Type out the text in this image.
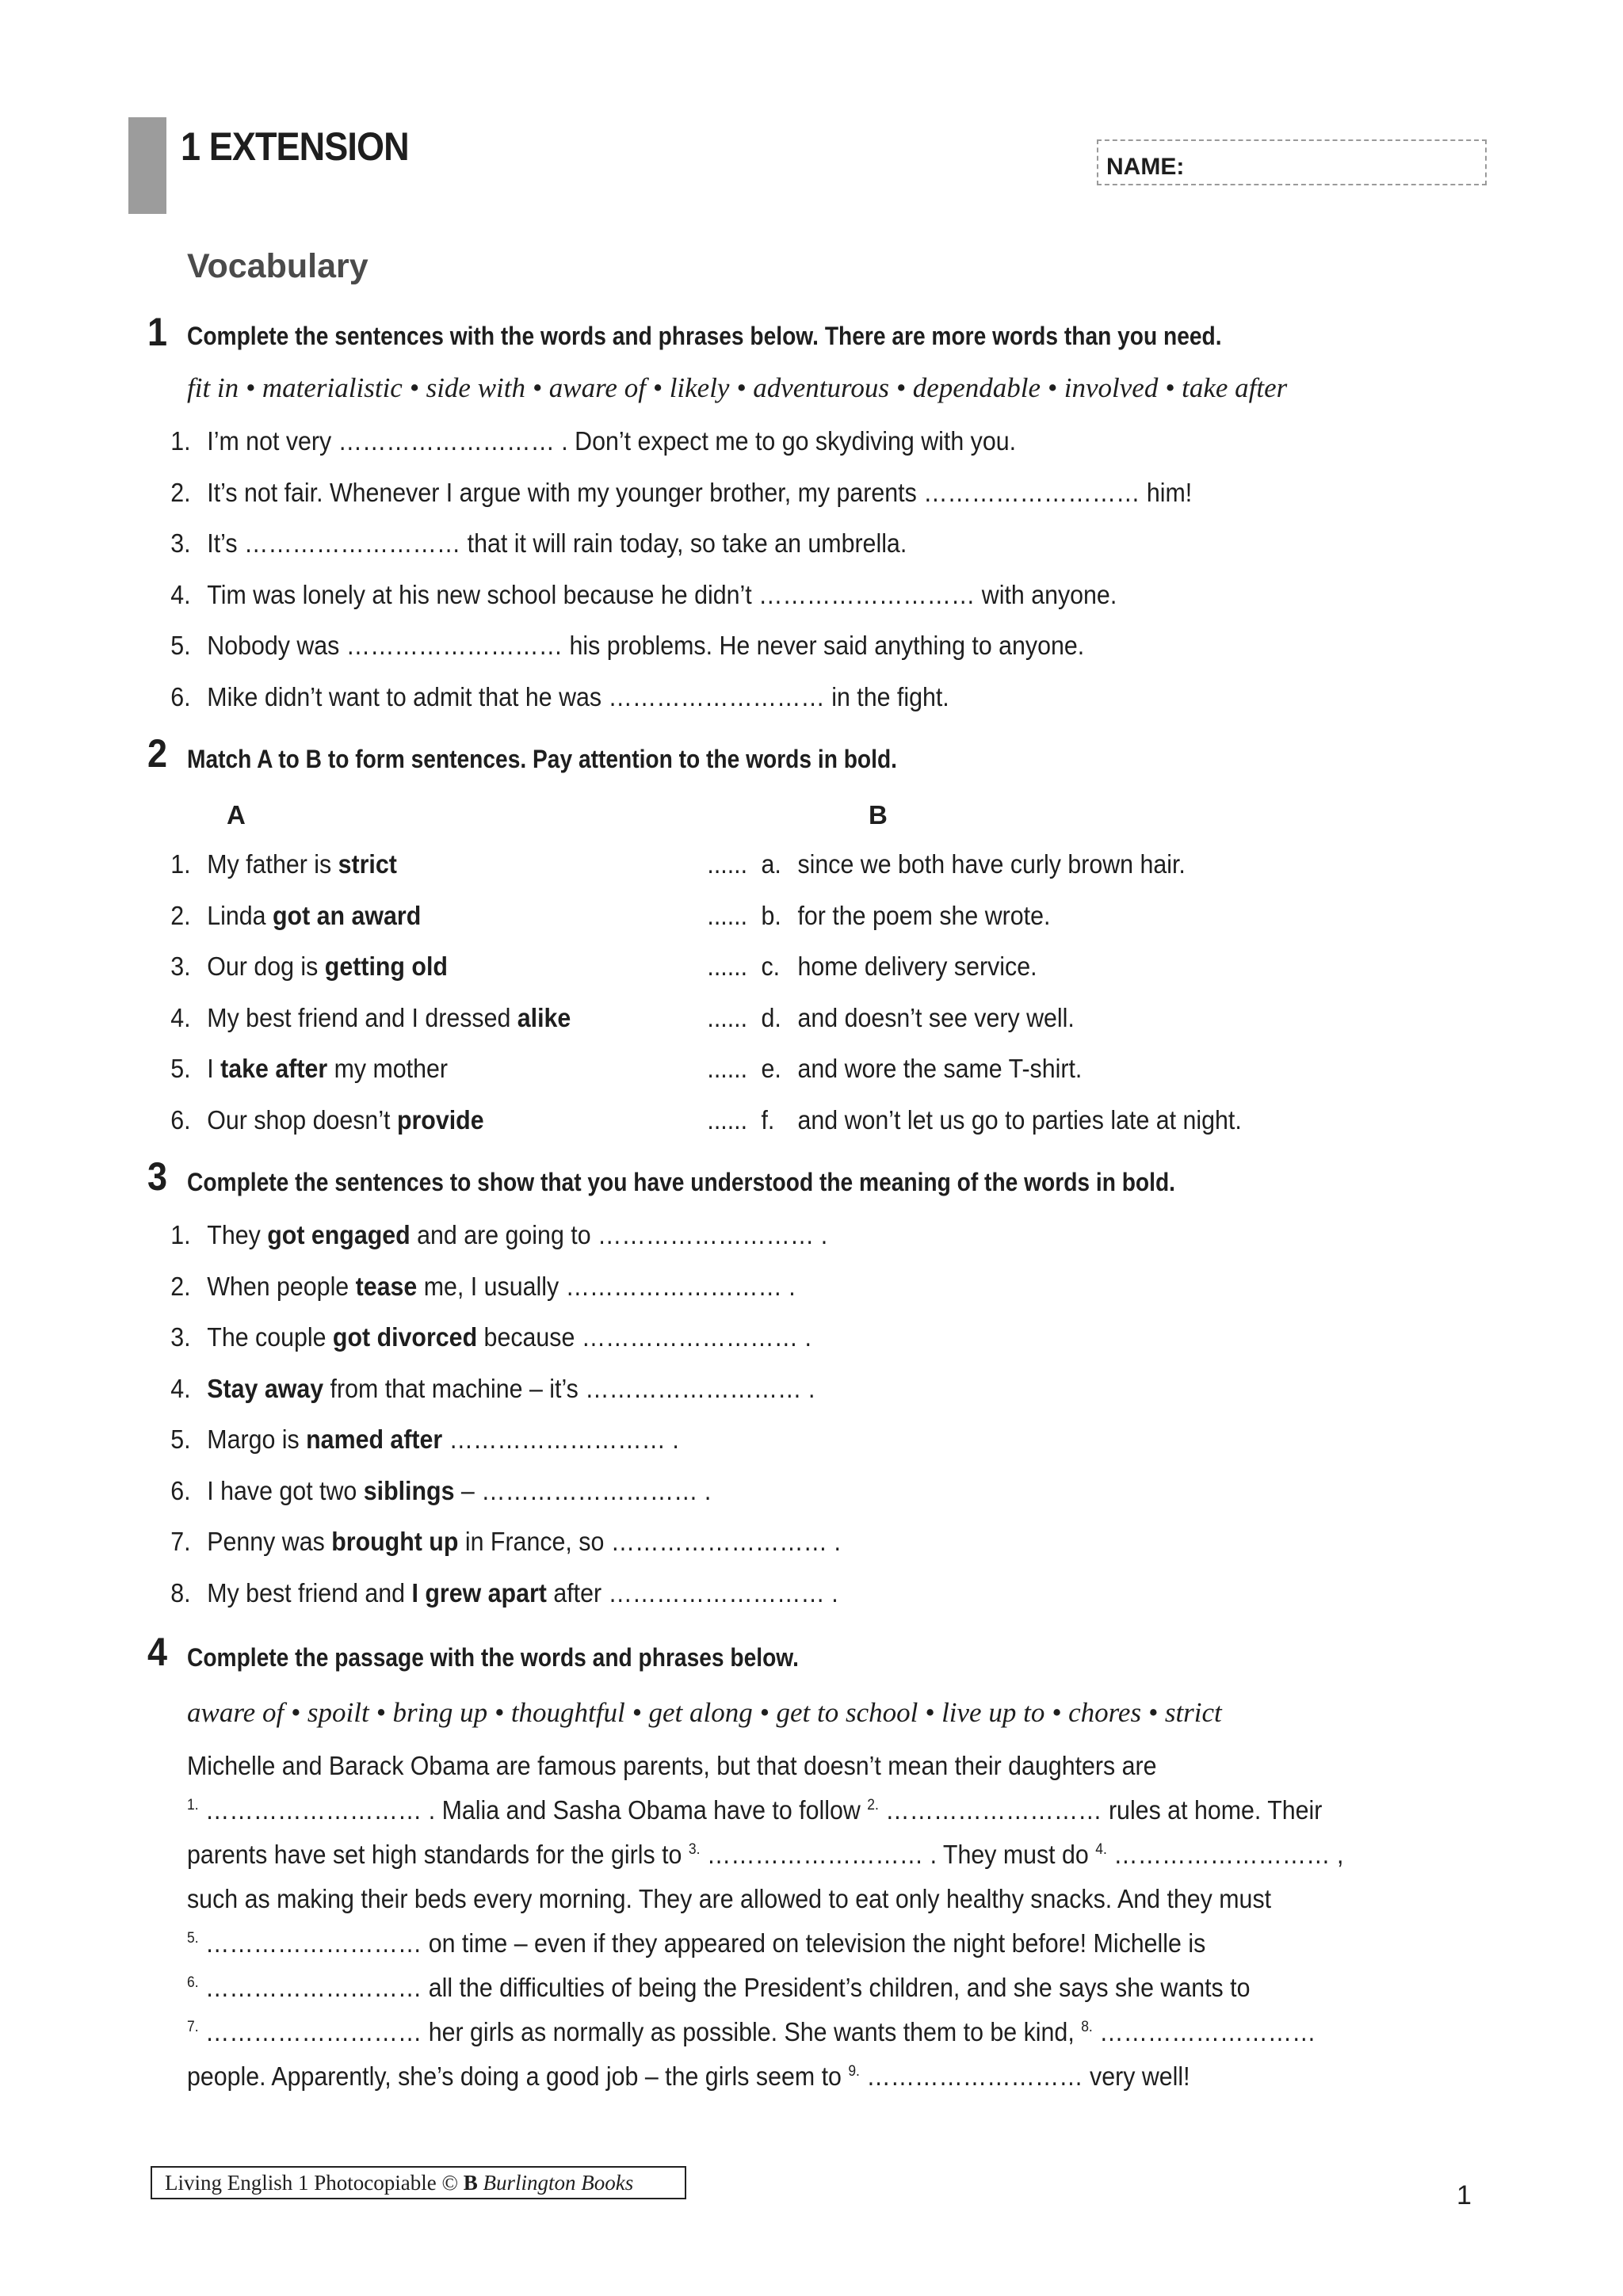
1 EXTENSION	NAME:
Vocabulary
1 Complete the sentences with the words and phrases below. There are more words than you need.
fit in • materialistic • side with • aware of • likely • adventurous • dependable • involved • take after
1. I’m not very ……………………… . Don’t expect me to go skydiving with you.
2. It’s not fair. Whenever I argue with my younger brother, my parents ……………………… him!
3. It’s ……………………… that it will rain today, so take an umbrella.
4. Tim was lonely at his new school because he didn’t ……………………… with anyone.
5. Nobody was ……………………… his problems. He never said anything to anyone.
6. Mike didn’t want to admit that he was ……………………… in the fight.
2 Match A to B to form sentences. Pay attention to the words in bold.
A	B
1. My father is strict	...... a. since we both have curly brown hair.
2. Linda got an award	...... b. for the poem she wrote.
3. Our dog is getting old	...... c. home delivery service.
4. My best friend and I dressed alike	...... d. and doesn’t see very well.
5. I take after my mother	...... e. and wore the same T-shirt.
6. Our shop doesn’t provide	...... f. and won’t let us go to parties late at night.
3 Complete the sentences to show that you have understood the meaning of the words in bold.
1. They got engaged and are going to ……………………… .
2. When people tease me, I usually ……………………… .
3. The couple got divorced because ……………………… .
4. Stay away from that machine – it’s ……………………… .
5. Margo is named after ……………………… .
6. I have got two siblings – ……………………… .
7. Penny was brought up in France, so ……………………… .
8. My best friend and I grew apart after ……………………… .
4 Complete the passage with the words and phrases below.
aware of • spoilt • bring up • thoughtful • get along • get to school • live up to • chores • strict
Michelle and Barack Obama are famous parents, but that doesn’t mean their daughters are
$^{1.}$ ……………………… . Malia and Sasha Obama have to follow $^{2.}$ ……………………… rules at home. Their
parents have set high standards for the girls to $^{3.}$ ……………………… . They must do $^{4.}$ ……………………… ,
such as making their beds every morning. They are allowed to eat only healthy snacks. And they must
$^{5.}$ ……………………… on time – even if they appeared on television the night before! Michelle is
$^{6.}$ ……………………… all the difficulties of being the President’s children, and she says she wants to
$^{7.}$ ……………………… her girls as normally as possible. She wants them to be kind, $^{8.}$ ………………………
people. Apparently, she’s doing a good job – the girls seem to $^{9.}$ ……………………… very well!
Living English 1 Photocopiable © B Burlington Books	1
